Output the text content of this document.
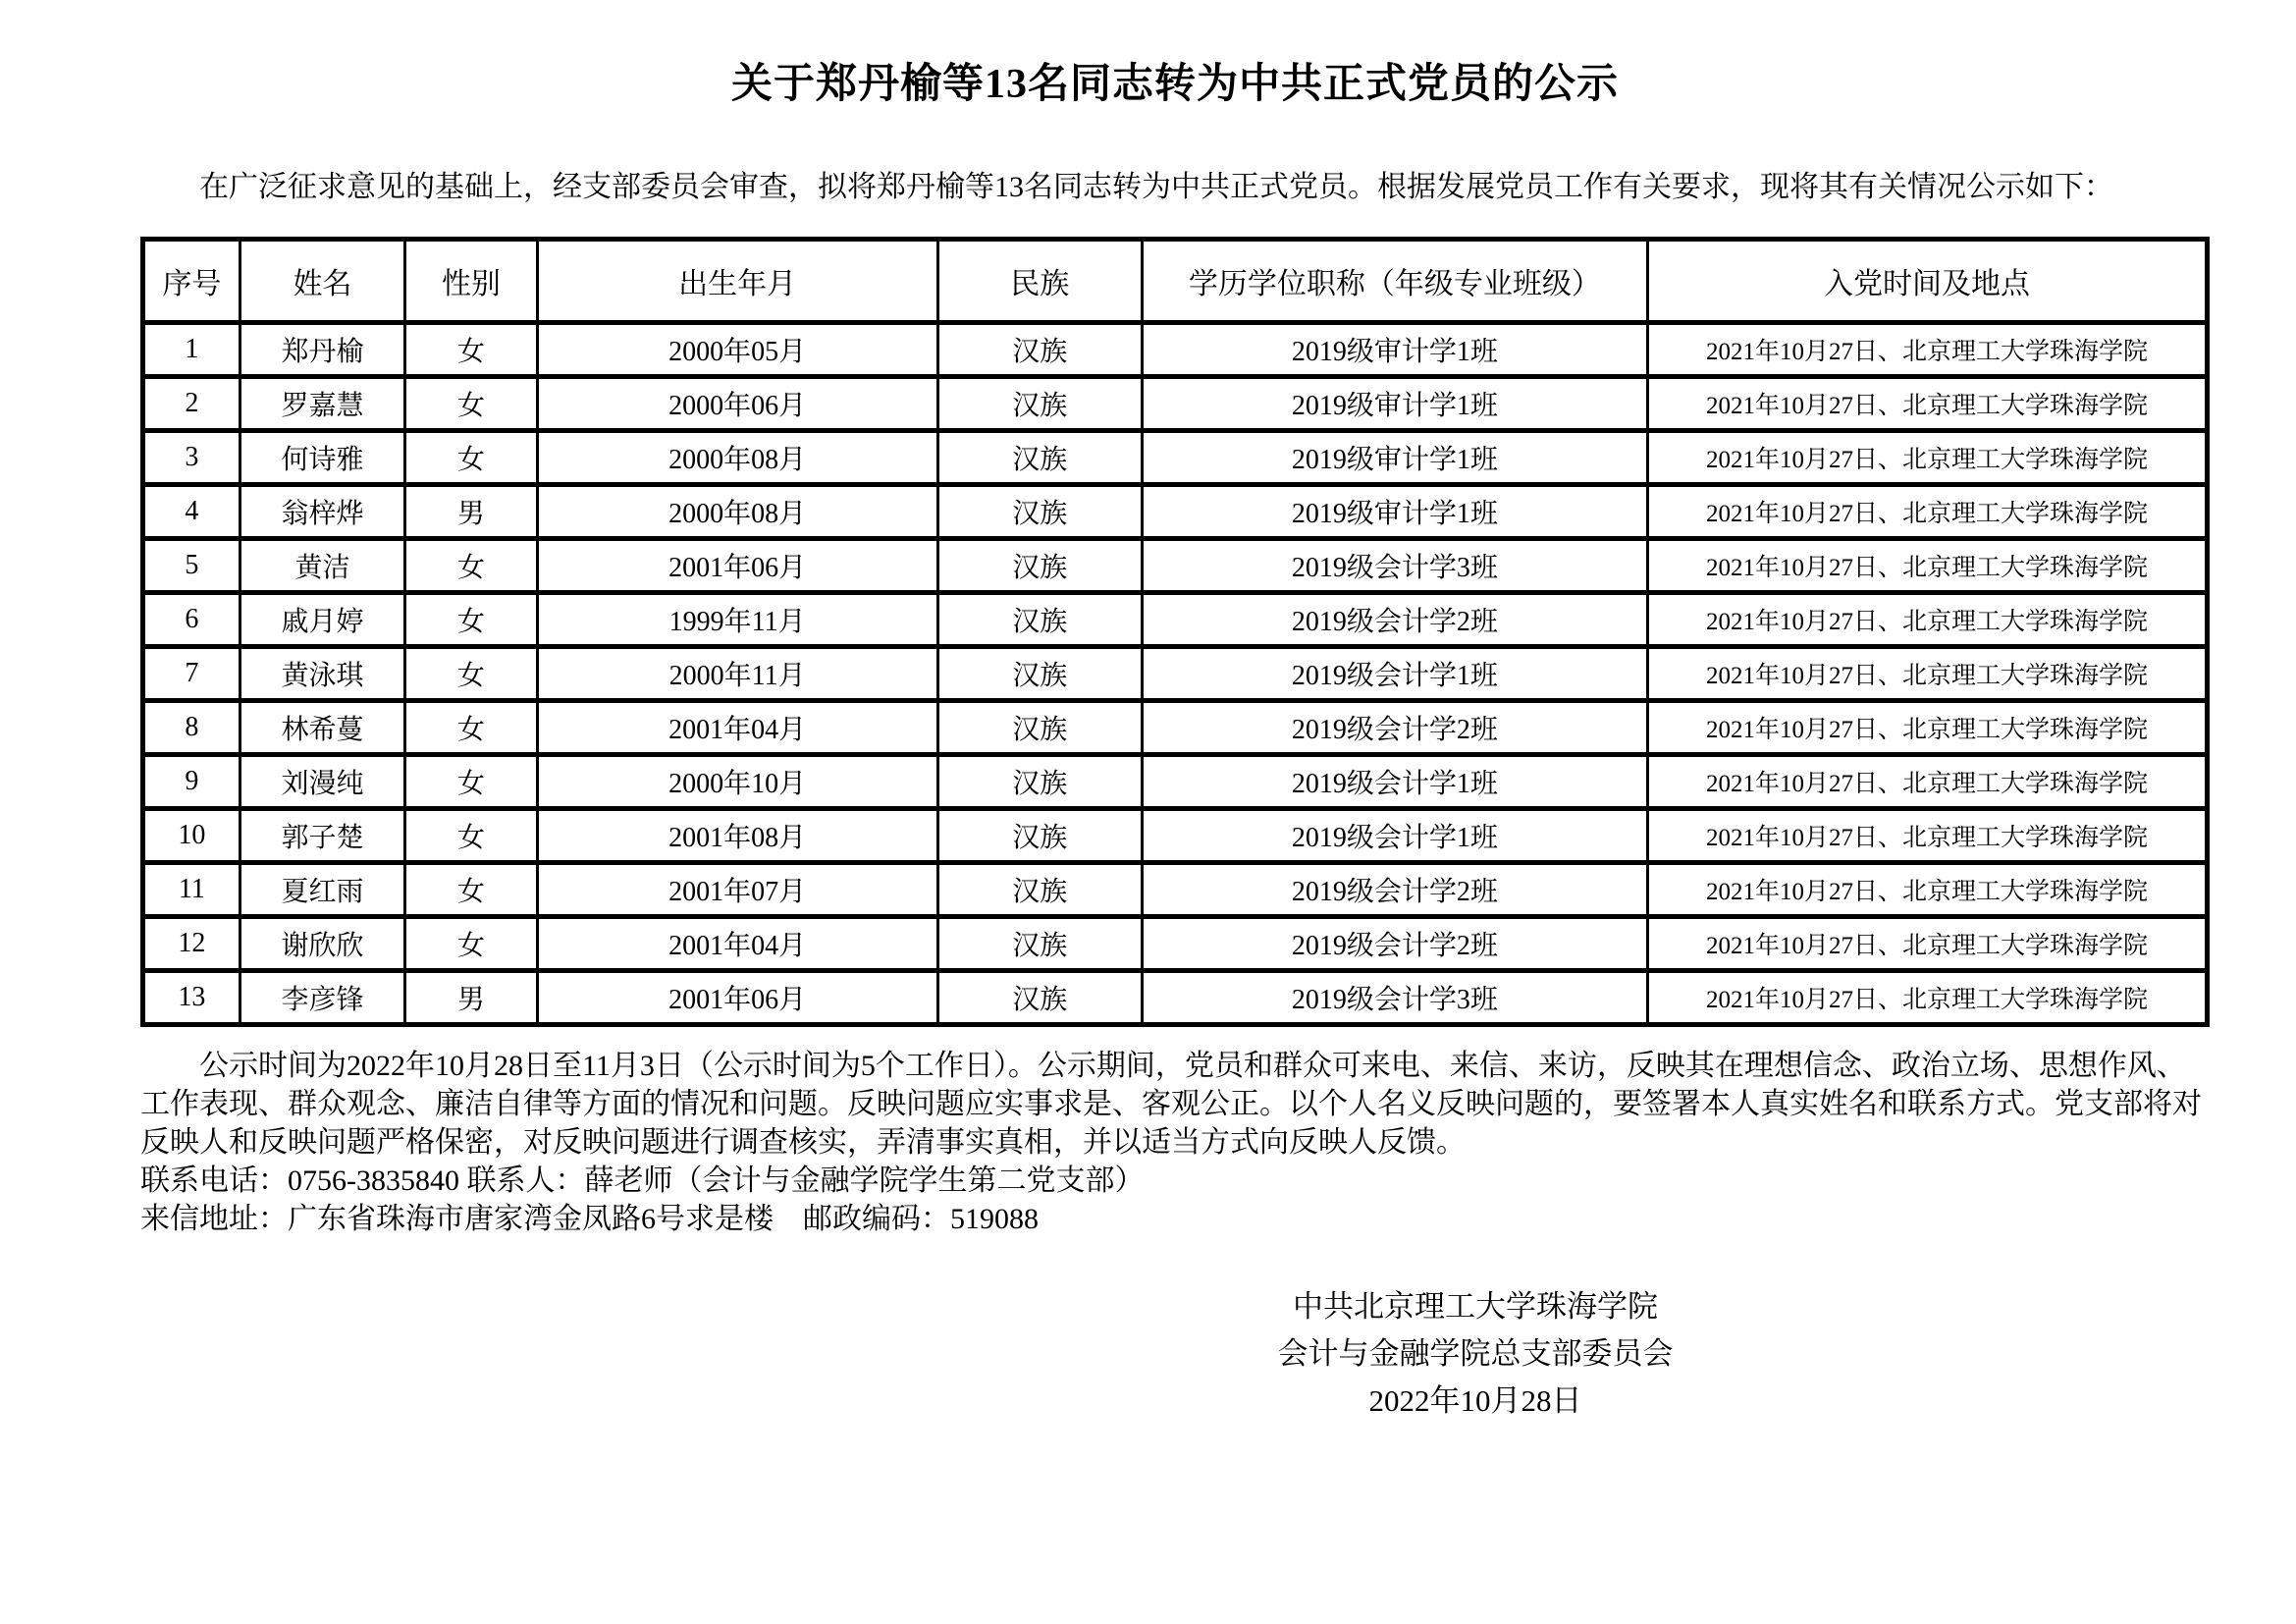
关于郑丹榆等13名同志转为中共正式党员的公示

在广泛征求意见的基础上，经支部委员会审查，拟将郑丹榆等13名同志转为中共正式党员。根据发展党员工作有关要求，现将其有关情况公示如下：

序号	姓名	性别	出生年月	民族	学历学位职称（年级专业班级）	入党时间及地点
1	郑丹榆	女	2000年05月	汉族	2019级审计学1班	2021年10月27日、北京理工大学珠海学院
2	罗嘉慧	女	2000年06月	汉族	2019级审计学1班	2021年10月27日、北京理工大学珠海学院
3	何诗雅	女	2000年08月	汉族	2019级审计学1班	2021年10月27日、北京理工大学珠海学院
4	翁梓烨	男	2000年08月	汉族	2019级审计学1班	2021年10月27日、北京理工大学珠海学院
5	黄洁	女	2001年06月	汉族	2019级会计学3班	2021年10月27日、北京理工大学珠海学院
6	戚月婷	女	1999年11月	汉族	2019级会计学2班	2021年10月27日、北京理工大学珠海学院
7	黄泳琪	女	2000年11月	汉族	2019级会计学1班	2021年10月27日、北京理工大学珠海学院
8	林希蔓	女	2001年04月	汉族	2019级会计学2班	2021年10月27日、北京理工大学珠海学院
9	刘漫纯	女	2000年10月	汉族	2019级会计学1班	2021年10月27日、北京理工大学珠海学院
10	郭子楚	女	2001年08月	汉族	2019级会计学1班	2021年10月27日、北京理工大学珠海学院
11	夏红雨	女	2001年07月	汉族	2019级会计学2班	2021年10月27日、北京理工大学珠海学院
12	谢欣欣	女	2001年04月	汉族	2019级会计学2班	2021年10月27日、北京理工大学珠海学院
13	李彦锋	男	2001年06月	汉族	2019级会计学3班	2021年10月27日、北京理工大学珠海学院

公示时间为2022年10月28日至11月3日（公示时间为5个工作日）。公示期间，党员和群众可来电、来信、来访，反映其在理想信念、政治立场、思想作风、工作表现、群众观念、廉洁自律等方面的情况和问题。反映问题应实事求是、客观公正。以个人名义反映问题的，要签署本人真实姓名和联系方式。党支部将对反映人和反映问题严格保密，对反映问题进行调查核实，弄清事实真相，并以适当方式向反映人反馈。

联系电话：0756-3835840 联系人：薛老师（会计与金融学院学生第二党支部）

来信地址：广东省珠海市唐家湾金凤路6号求是楼　邮政编码：519088

中共北京理工大学珠海学院
会计与金融学院总支部委员会
2022年10月28日
